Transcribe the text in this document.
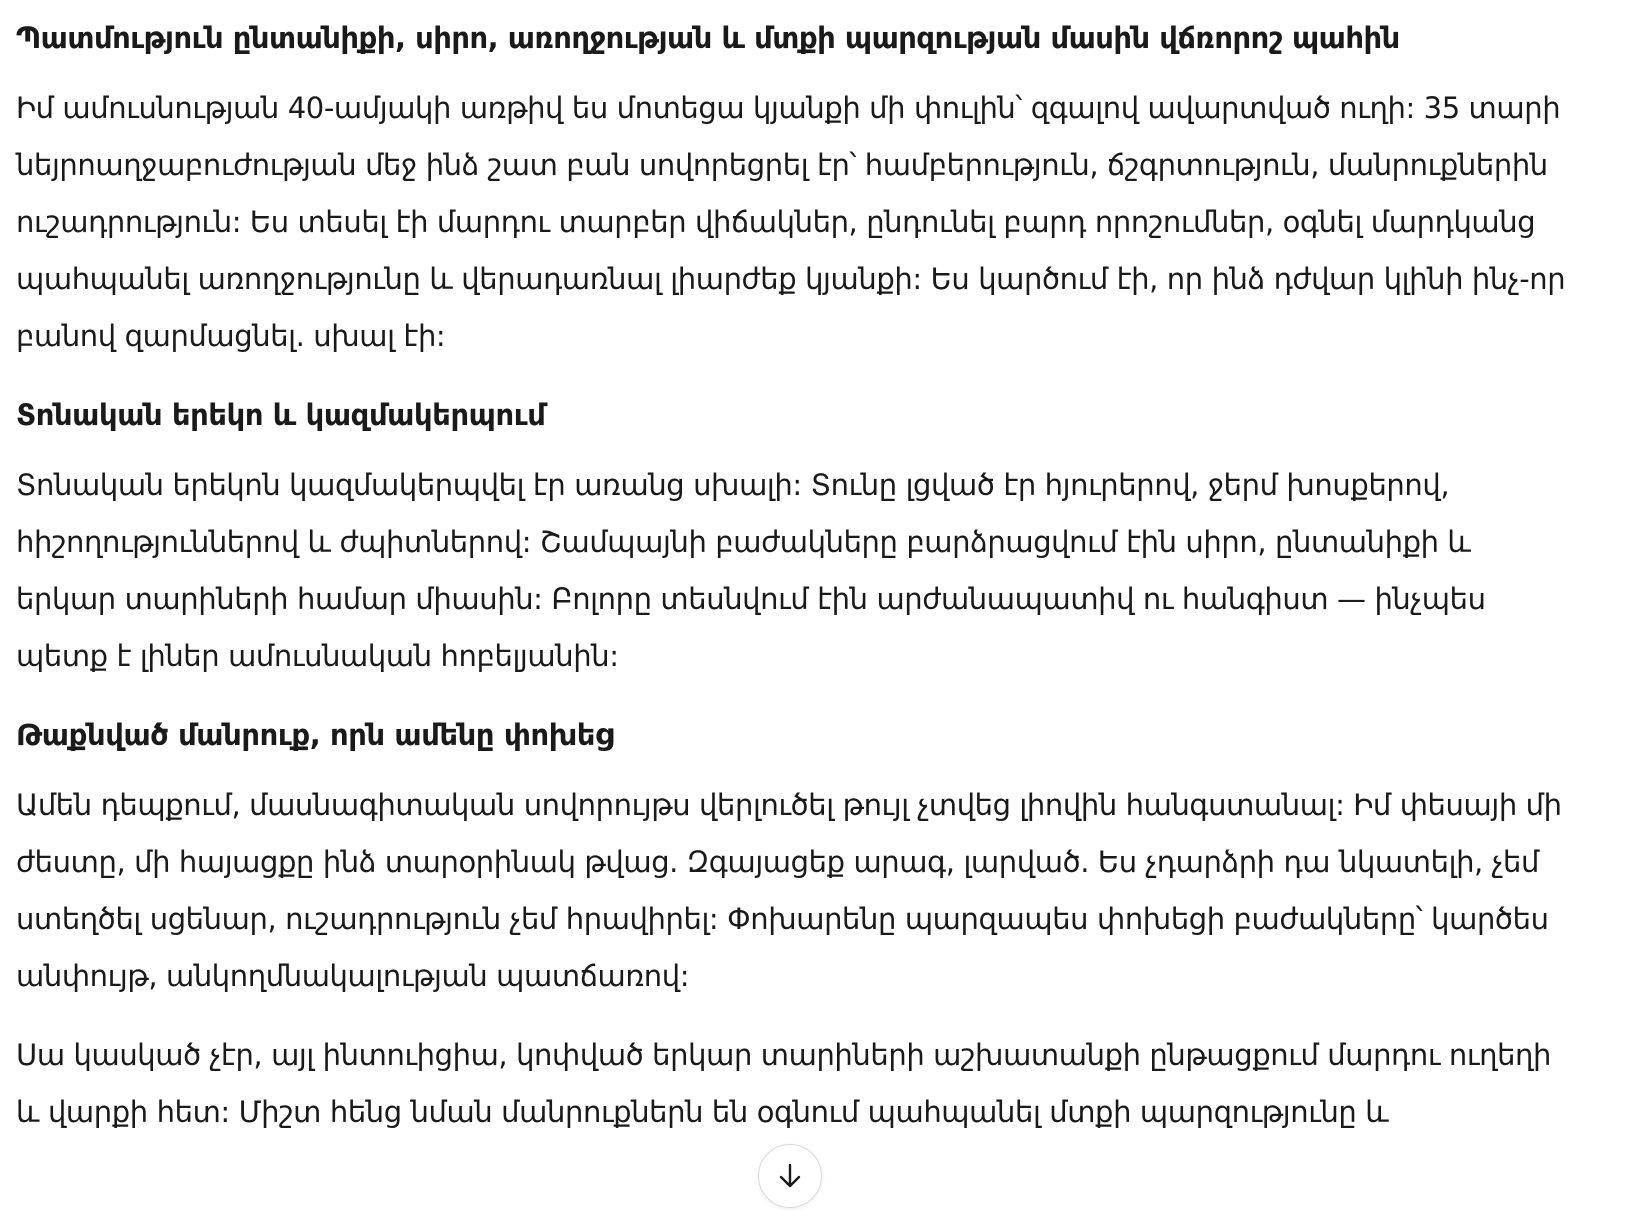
Պատմություն ընտանիքի, սիրո, առողջության և մտքի պարզության մասին վճռորոշ պահին

Իմ ամուսնության 40-ամյակի առթիվ ես մոտեցա կյանքի մի փուլին՝ զգալով ավարտված ուղի: 35 տարի նեյրոաղջաբուժության մեջ ինձ շատ բան սովորեցրել էր՝ համբերություն, ճշգրտություն, մանրուքներին ուշադրություն: Ես տեսել էի մարդու տարբեր վիճակներ, ընդունել բարդ որոշումներ, օգնել մարդկանց պահպանել առողջությունը և վերադառնալ լիարժեք կյանքի: Ես կարծում էի, որ ինձ դժվար կլինի ինչ-որ բանով զարմացնել. սխալ էի:

Տոնական երեկո և կազմակերպում

Տոնական երեկոն կազմակերպվել էր առանց սխալի: Տունը լցված էր հյուրերով, ջերմ խոսքերով, հիշողություններով և ժպիտներով: Շամպայնի բաժակները բարձրացվում էին սիրո, ընտանիքի և երկար տարիների համար միասին: Բոլորը տեսնվում էին արժանապատիվ ու հանգիստ — ինչպես պետք է լիներ ամուսնական հոբելյանին:

Թաքնված մանրուք, որն ամենը փոխեց

Ամեն դեպքում, մասնագիտական սովորույթս վերլուծել թույլ չտվեց լիովին հանգստանալ: Իմ փեսայի մի ժեստը, մի հայացքը ինձ տարօրինակ թվաց. Զգայացեք արագ, լարված. Ես չդարձրի դա նկատելի, չեմ ստեղծել սցենար, ուշադրություն չեմ հրավիրել: Փոխարենը պարզապես փոխեցի բաժակները՝ կարծես անփույթ, անկողմնակալության պատճառով:

Սա կասկած չէր, այլ ինտուիցիա, կոփված երկար տարիների աշխատանքի ընթացքում մարդու ուղեղի և վարքի հետ: Միշտ հենց նման մանրուքներն են օգնում պահպանել մտքի պարզությունը և
